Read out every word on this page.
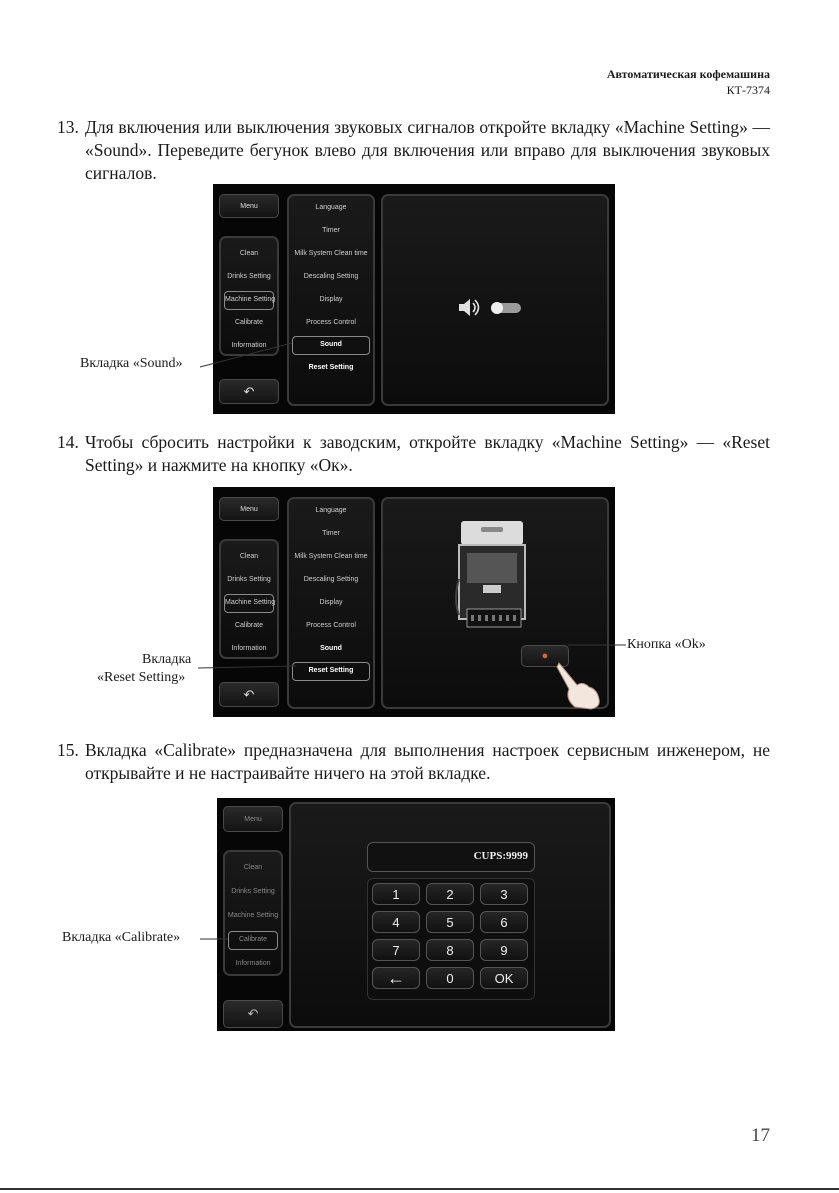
Автоматическая кофемашина
КТ-7374
13. Для включения или выключения звуковых сигналов откройте вкладку «Machine Setting» — «Sound». Переведите бегунок влево для включения или вправо для выключения звуковых сигналов.
Menu
Clean
Drinks Setting
Machine Setting
Calibrate
Information
↶
Language
Timer
Milk System Clean time
Descaling Setting
Display
Process Control
Sound
Reset Setting
Вкладка «Sound»
14. Чтобы сбросить настройки к заводским, откройте вкладку «Machine Setting» — «Reset Setting» и нажмите на кнопку «Ок».
Menu
Clean
Drinks Setting
Machine Setting
Calibrate
Information
↶
Language
Timer
Milk System Clean time
Descaling Setting
Display
Process Control
Sound
Reset Setting
●
Вкладка
«Reset Setting»
Кнопка «Ok»
15. Вкладка «Calibrate» предназначена для выполнения настроек сервисным инженером, не открывайте и не настраивайте ничего на этой вкладке.
Menu
Clean
Drinks Setting
Machine Setting
Calibrate
Information
↶
CUPS:9999
1	2	3
4	5	6
7	8	9
←	0	OK
Вкладка «Calibrate»
17
